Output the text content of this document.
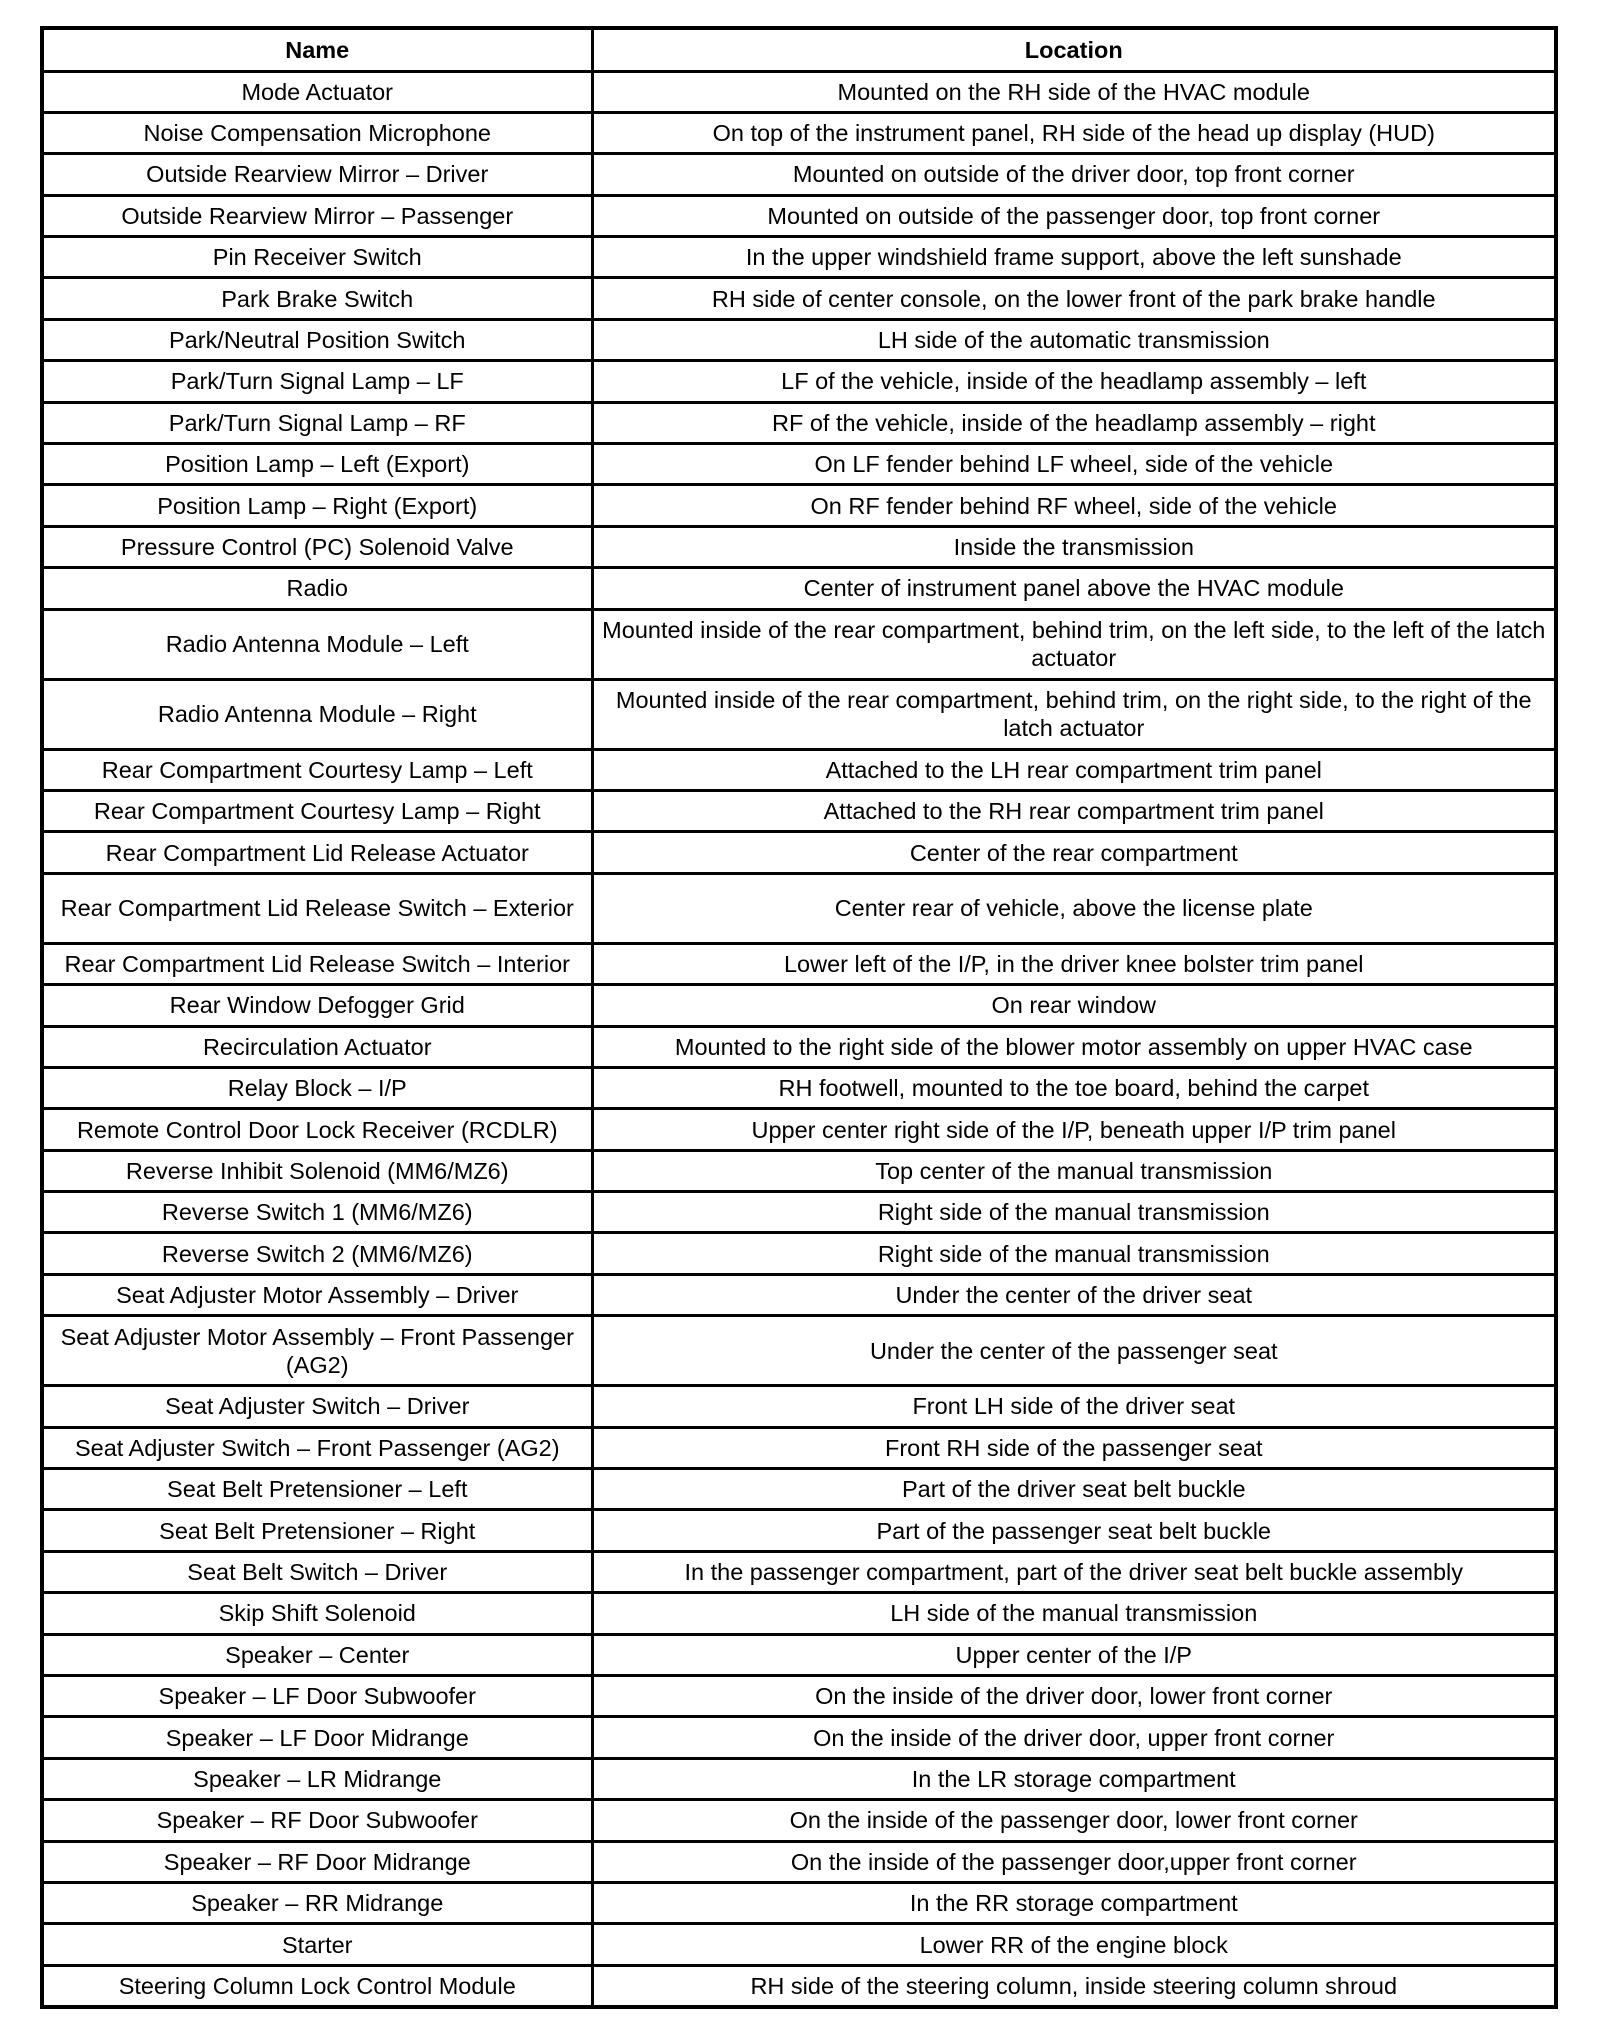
Name	Location
Mode Actuator	Mounted on the RH side of the HVAC module
Noise Compensation Microphone	On top of the instrument panel, RH side of the head up display (HUD)
Outside Rearview Mirror – Driver	Mounted on outside of the driver door, top front corner
Outside Rearview Mirror – Passenger	Mounted on outside of the passenger door, top front corner
Pin Receiver Switch	In the upper windshield frame support, above the left sunshade
Park Brake Switch	RH side of center console, on the lower front of the park brake handle
Park/Neutral Position Switch	LH side of the automatic transmission
Park/Turn Signal Lamp – LF	LF of the vehicle, inside of the headlamp assembly – left
Park/Turn Signal Lamp – RF	RF of the vehicle, inside of the headlamp assembly – right
Position Lamp – Left (Export)	On LF fender behind LF wheel, side of the vehicle
Position Lamp – Right (Export)	On RF fender behind RF wheel, side of the vehicle
Pressure Control (PC) Solenoid Valve	Inside the transmission
Radio	Center of instrument panel above the HVAC module
Radio Antenna Module – Left	Mounted inside of the rear compartment, behind trim, on the left side, to the left of the latch actuator
Radio Antenna Module – Right	Mounted inside of the rear compartment, behind trim, on the right side, to the right of the latch actuator
Rear Compartment Courtesy Lamp – Left	Attached to the LH rear compartment trim panel
Rear Compartment Courtesy Lamp – Right	Attached to the RH rear compartment trim panel
Rear Compartment Lid Release Actuator	Center of the rear compartment
Rear Compartment Lid Release Switch – Exterior	Center rear of vehicle, above the license plate
Rear Compartment Lid Release Switch – Interior	Lower left of the I/P, in the driver knee bolster trim panel
Rear Window Defogger Grid	On rear window
Recirculation Actuator	Mounted to the right side of the blower motor assembly on upper HVAC case
Relay Block – I/P	RH footwell, mounted to the toe board, behind the carpet
Remote Control Door Lock Receiver (RCDLR)	Upper center right side of the I/P, beneath upper I/P trim panel
Reverse Inhibit Solenoid (MM6/MZ6)	Top center of the manual transmission
Reverse Switch 1 (MM6/MZ6)	Right side of the manual transmission
Reverse Switch 2 (MM6/MZ6)	Right side of the manual transmission
Seat Adjuster Motor Assembly – Driver	Under the center of the driver seat
Seat Adjuster Motor Assembly – Front Passenger (AG2)	Under the center of the passenger seat
Seat Adjuster Switch – Driver	Front LH side of the driver seat
Seat Adjuster Switch – Front Passenger (AG2)	Front RH side of the passenger seat
Seat Belt Pretensioner – Left	Part of the driver seat belt buckle
Seat Belt Pretensioner – Right	Part of the passenger seat belt buckle
Seat Belt Switch – Driver	In the passenger compartment, part of the driver seat belt buckle assembly
Skip Shift Solenoid	LH side of the manual transmission
Speaker – Center	Upper center of the I/P
Speaker – LF Door Subwoofer	On the inside of the driver door, lower front corner
Speaker – LF Door Midrange	On the inside of the driver door, upper front corner
Speaker – LR Midrange	In the LR storage compartment
Speaker – RF Door Subwoofer	On the inside of the passenger door, lower front corner
Speaker – RF Door Midrange	On the inside of the passenger door,upper front corner
Speaker – RR Midrange	In the RR storage compartment
Starter	Lower RR of the engine block
Steering Column Lock Control Module	RH side of the steering column, inside steering column shroud
